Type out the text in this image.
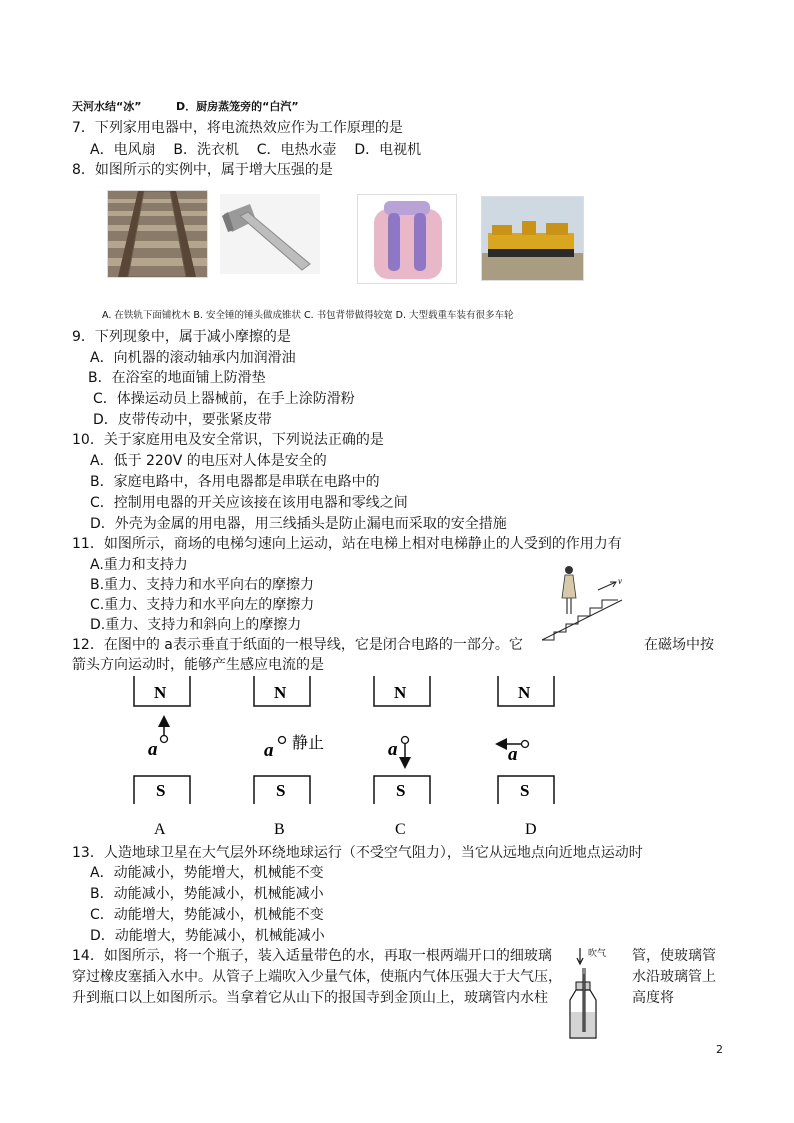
天河水结“冰”	D．厨房蒸笼旁的“白汽”
7．下列家用电器中，将电流热效应作为工作原理的是
A．电风扇    B．洗衣机    C．电热水壶    D．电视机
8．如图所示的实例中，属于增大压强的是
A. 在铁轨下面铺枕木 B. 安全锤的锤头做成锥状 C. 书包背带做得较宽 D. 大型载重车装有很多车轮
9．下列现象中，属于减小摩擦的是
A．向机器的滚动轴承内加润滑油
B．在浴室的地面铺上防滑垫
C．体操运动员上器械前，在手上涂防滑粉
D．皮带传动中，要张紧皮带
10．关于家庭用电及安全常识，下列说法正确的是
A．低于 220V 的电压对人体是安全的
B．家庭电路中，各用电器都是串联在电路中的
C．控制用电器的开关应该接在该用电器和零线之间
D．外壳为金属的用电器，用三线插头是防止漏电而采取的安全措施
11．如图所示，商场的电梯匀速向上运动，站在电梯上相对电梯静止的人受到的作用力有
A.重力和支持力
B.重力、支持力和水平向右的摩擦力
C.重力、支持力和水平向左的摩擦力
D.重力、支持力和斜向上的摩擦力
v
12．在图中的 a表示垂直于纸面的一根导线，它是闭合电路的一部分。它	在磁场中按
箭头方向运动时，能够产生感应电流的是
N	N	N	N
S	S	S	S
a	a 静止	a	a
A	B	C	D
13．人造地球卫星在大气层外环绕地球运行（不受空气阻力），当它从远地点向近地点运动时
A．动能减小，势能增大，机械能不变
B．动能减小，势能减小，机械能减小
C．动能增大，势能减小，机械能不变
D．动能增大，势能减小，机械能减小
14．如图所示，将一个瓶子，装入适量带色的水，再取一根两端开口的细玻璃	管，使玻璃管
穿过橡皮塞插入水中。从管子上端吹入少量气体，使瓶内气体压强大于大气压，	水沿玻璃管上
升到瓶口以上如图所示。当拿着它从山下的报国寺到金顶山上，玻璃管内水柱	高度将
吹气
2
